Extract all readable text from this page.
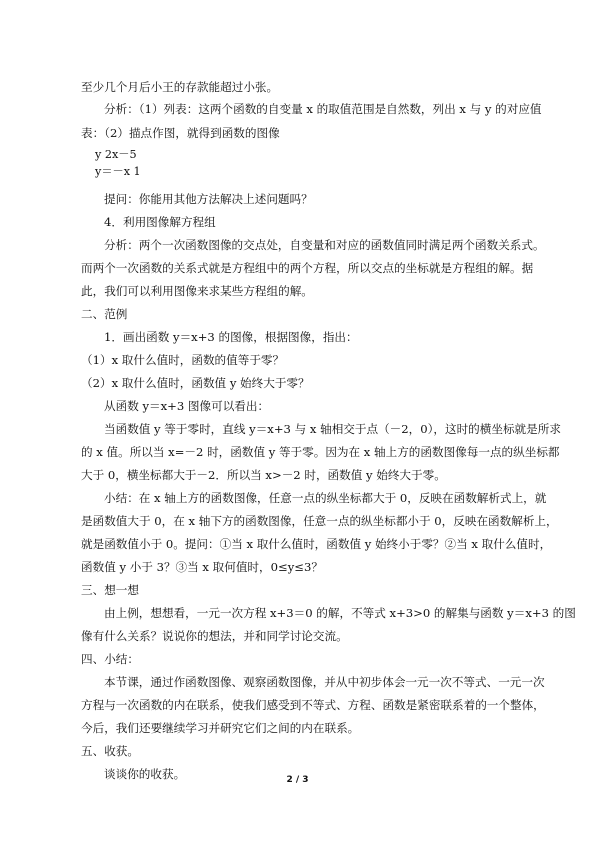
至少几个月后小王的存款能超过小张。
分析：（1）列表：这两个函数的自变量 x 的取值范围是自然数，列出 x 与 y 的对应值
表：（2）描点作图，就得到函数的图像
y 2x－5
y＝－x 1
提问：你能用其他方法解决上述问题吗？
4．利用图像解方程组
分析：两个一次函数图像的交点处，自变量和对应的函数值同时满足两个函数关系式。
而两个一次函数的关系式就是方程组中的两个方程，所以交点的坐标就是方程组的解。据
此，我们可以利用图像来求某些方程组的解。
二、范例
1．画出函数 y＝x+3 的图像，根据图像，指出：
（1）x 取什么值时，函数的值等于零？
（2）x 取什么值时，函数值 y 始终大于零？
从函数 y＝x+3 图像可以看出：
当函数值 y 等于零时，直线 y＝x+3 与 x 轴相交于点（－2，0），这时的横坐标就是所求
的 x 值。所以当 x=－2 时，函数值 y 等于零。因为在 x 轴上方的函数图像每一点的纵坐标都
大于 0，横坐标都大于－2．所以当 x>－2 时，函数值 y 始终大于零。
小结：在 x 轴上方的函数图像，任意一点的纵坐标都大于 0，反映在函数解析式上，就
是函数值大于 0，在 x 轴下方的函数图像，任意一点的纵坐标都小于 0，反映在函数解析上，
就是函数值小于 0。提问：①当 x 取什么值时，函数值 y 始终小于零？②当 x 取什么值时，
函数值 y 小于 3？③当 x 取何值时，0≤y≤3？
三、想一想
由上例，想想看，一元一次方程 x+3＝0 的解，不等式 x+3>0 的解集与函数 y＝x+3 的图
像有什么关系？说说你的想法，并和同学讨论交流。
四、小结：
本节课，通过作函数图像、观察函数图像，并从中初步体会一元一次不等式、一元一次
方程与一次函数的内在联系，使我们感受到不等式、方程、函数是紧密联系着的一个整体，
今后，我们还要继续学习并研究它们之间的内在联系。
五、收获。
谈谈你的收获。	2 / 3
